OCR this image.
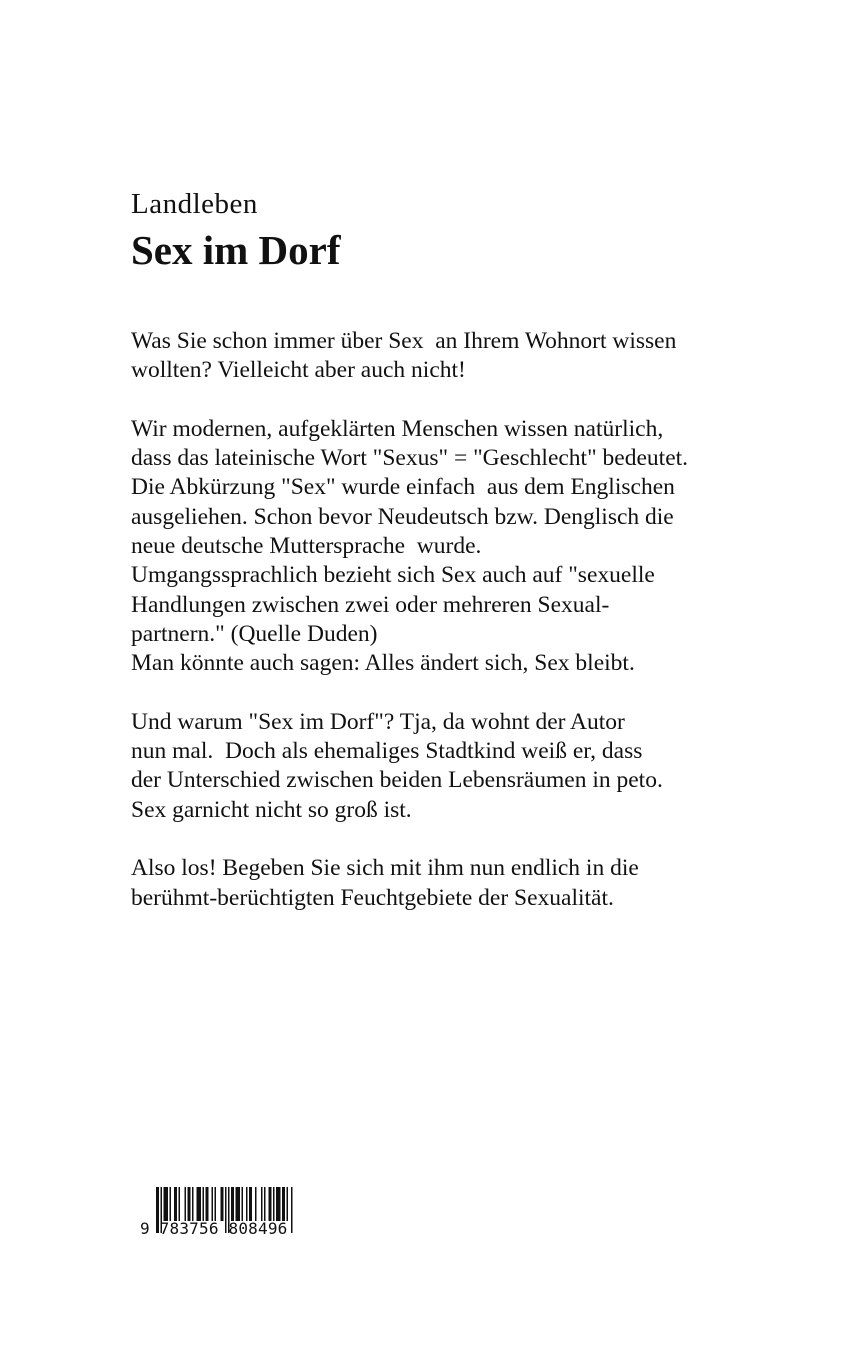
Landleben
Sex im Dorf

Was Sie schon immer über Sex  an Ihrem Wohnort wissen
wollten? Vielleicht aber auch nicht!

Wir modernen, aufgeklärten Menschen wissen natürlich,
dass das lateinische Wort "Sexus" = "Geschlecht" bedeutet.
Die Abkürzung "Sex" wurde einfach  aus dem Englischen
ausgeliehen. Schon bevor Neudeutsch bzw. Denglisch die
neue deutsche Muttersprache  wurde.
Umgangssprachlich bezieht sich Sex auch auf "sexuelle
Handlungen zwischen zwei oder mehreren Sexual-
partnern." (Quelle Duden)
Man könnte auch sagen: Alles ändert sich, Sex bleibt.

Und warum "Sex im Dorf"? Tja, da wohnt der Autor
nun mal.  Doch als ehemaliges Stadtkind weiß er, dass
der Unterschied zwischen beiden Lebensräumen in peto.
Sex garnicht nicht so groß ist.

Also los! Begeben Sie sich mit ihm nun endlich in die
berühmt-berüchtigten Feuchtgebiete der Sexualität.

9 783756 808496
